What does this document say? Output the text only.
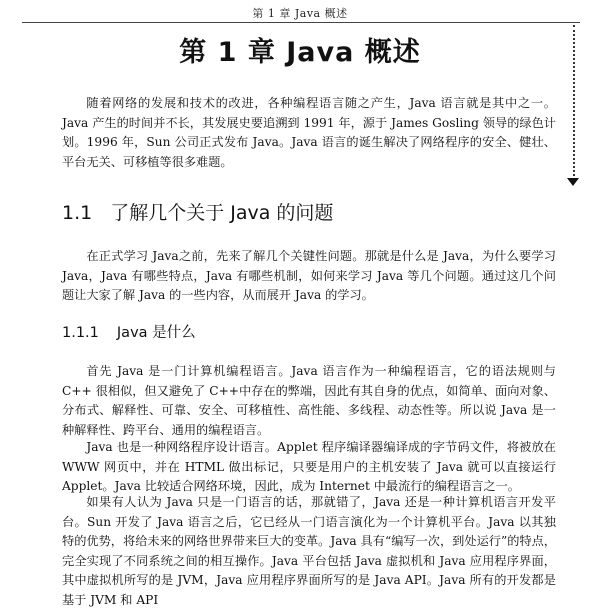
第 1 章 Java 概述
第 1 章 Java 概述

随着网络的发展和技术的改进，各种编程语言随之产生，Java 语言就是其中之一。Java 产生的时间并不长，其发展史要追溯到 1991 年，源于 James Gosling 领导的绿色计划。1996 年，Sun 公司正式发布 Java。Java 语言的诞生解决了网络程序的安全、健壮、平台无关、可移植等很多难题。

1.1 了解几个关于 Java 的问题

在正式学习 Java之前，先来了解几个关键性问题。那就是什么是 Java，为什么要学习 Java，Java 有哪些特点，Java 有哪些机制，如何来学习 Java 等几个问题。通过这几个问题让大家了解 Java 的一些内容，从而展开 Java 的学习。

1.1.1 Java 是什么

首先 Java 是一门计算机编程语言。Java 语言作为一种编程语言，它的语法规则与 C++ 很相似，但又避免了 C++中存在的弊端，因此有其自身的优点，如简单、面向对象、分布式、解释性、可靠、安全、可移植性、高性能、多线程、动态性等。所以说 Java 是一种解释性、跨平台、通用的编程语言。

Java 也是一种网络程序设计语言。Applet 程序编译器编译成的字节码文件，将被放在 WWW 网页中，并在 HTML 做出标记，只要是用户的主机安装了 Java 就可以直接运行 Applet。Java 比较适合网络环境，因此，成为 Internet 中最流行的编程语言之一。

如果有人认为 Java 只是一门语言的话，那就错了，Java 还是一种计算机语言开发平台。Sun 开发了 Java 语言之后，它已经从一门语言演化为一个计算机平台。Java 以其独特的优势，将给未来的网络世界带来巨大的变革。Java 具有“编写一次，到处运行”的特点，完全实现了不同系统之间的相互操作。Java 平台包括 Java 虚拟机和 Java 应用程序界面，其中虚拟机所写的是 JVM，Java 应用程序界面所写的是 Java API。Java 所有的开发都是基于 JVM 和 API
